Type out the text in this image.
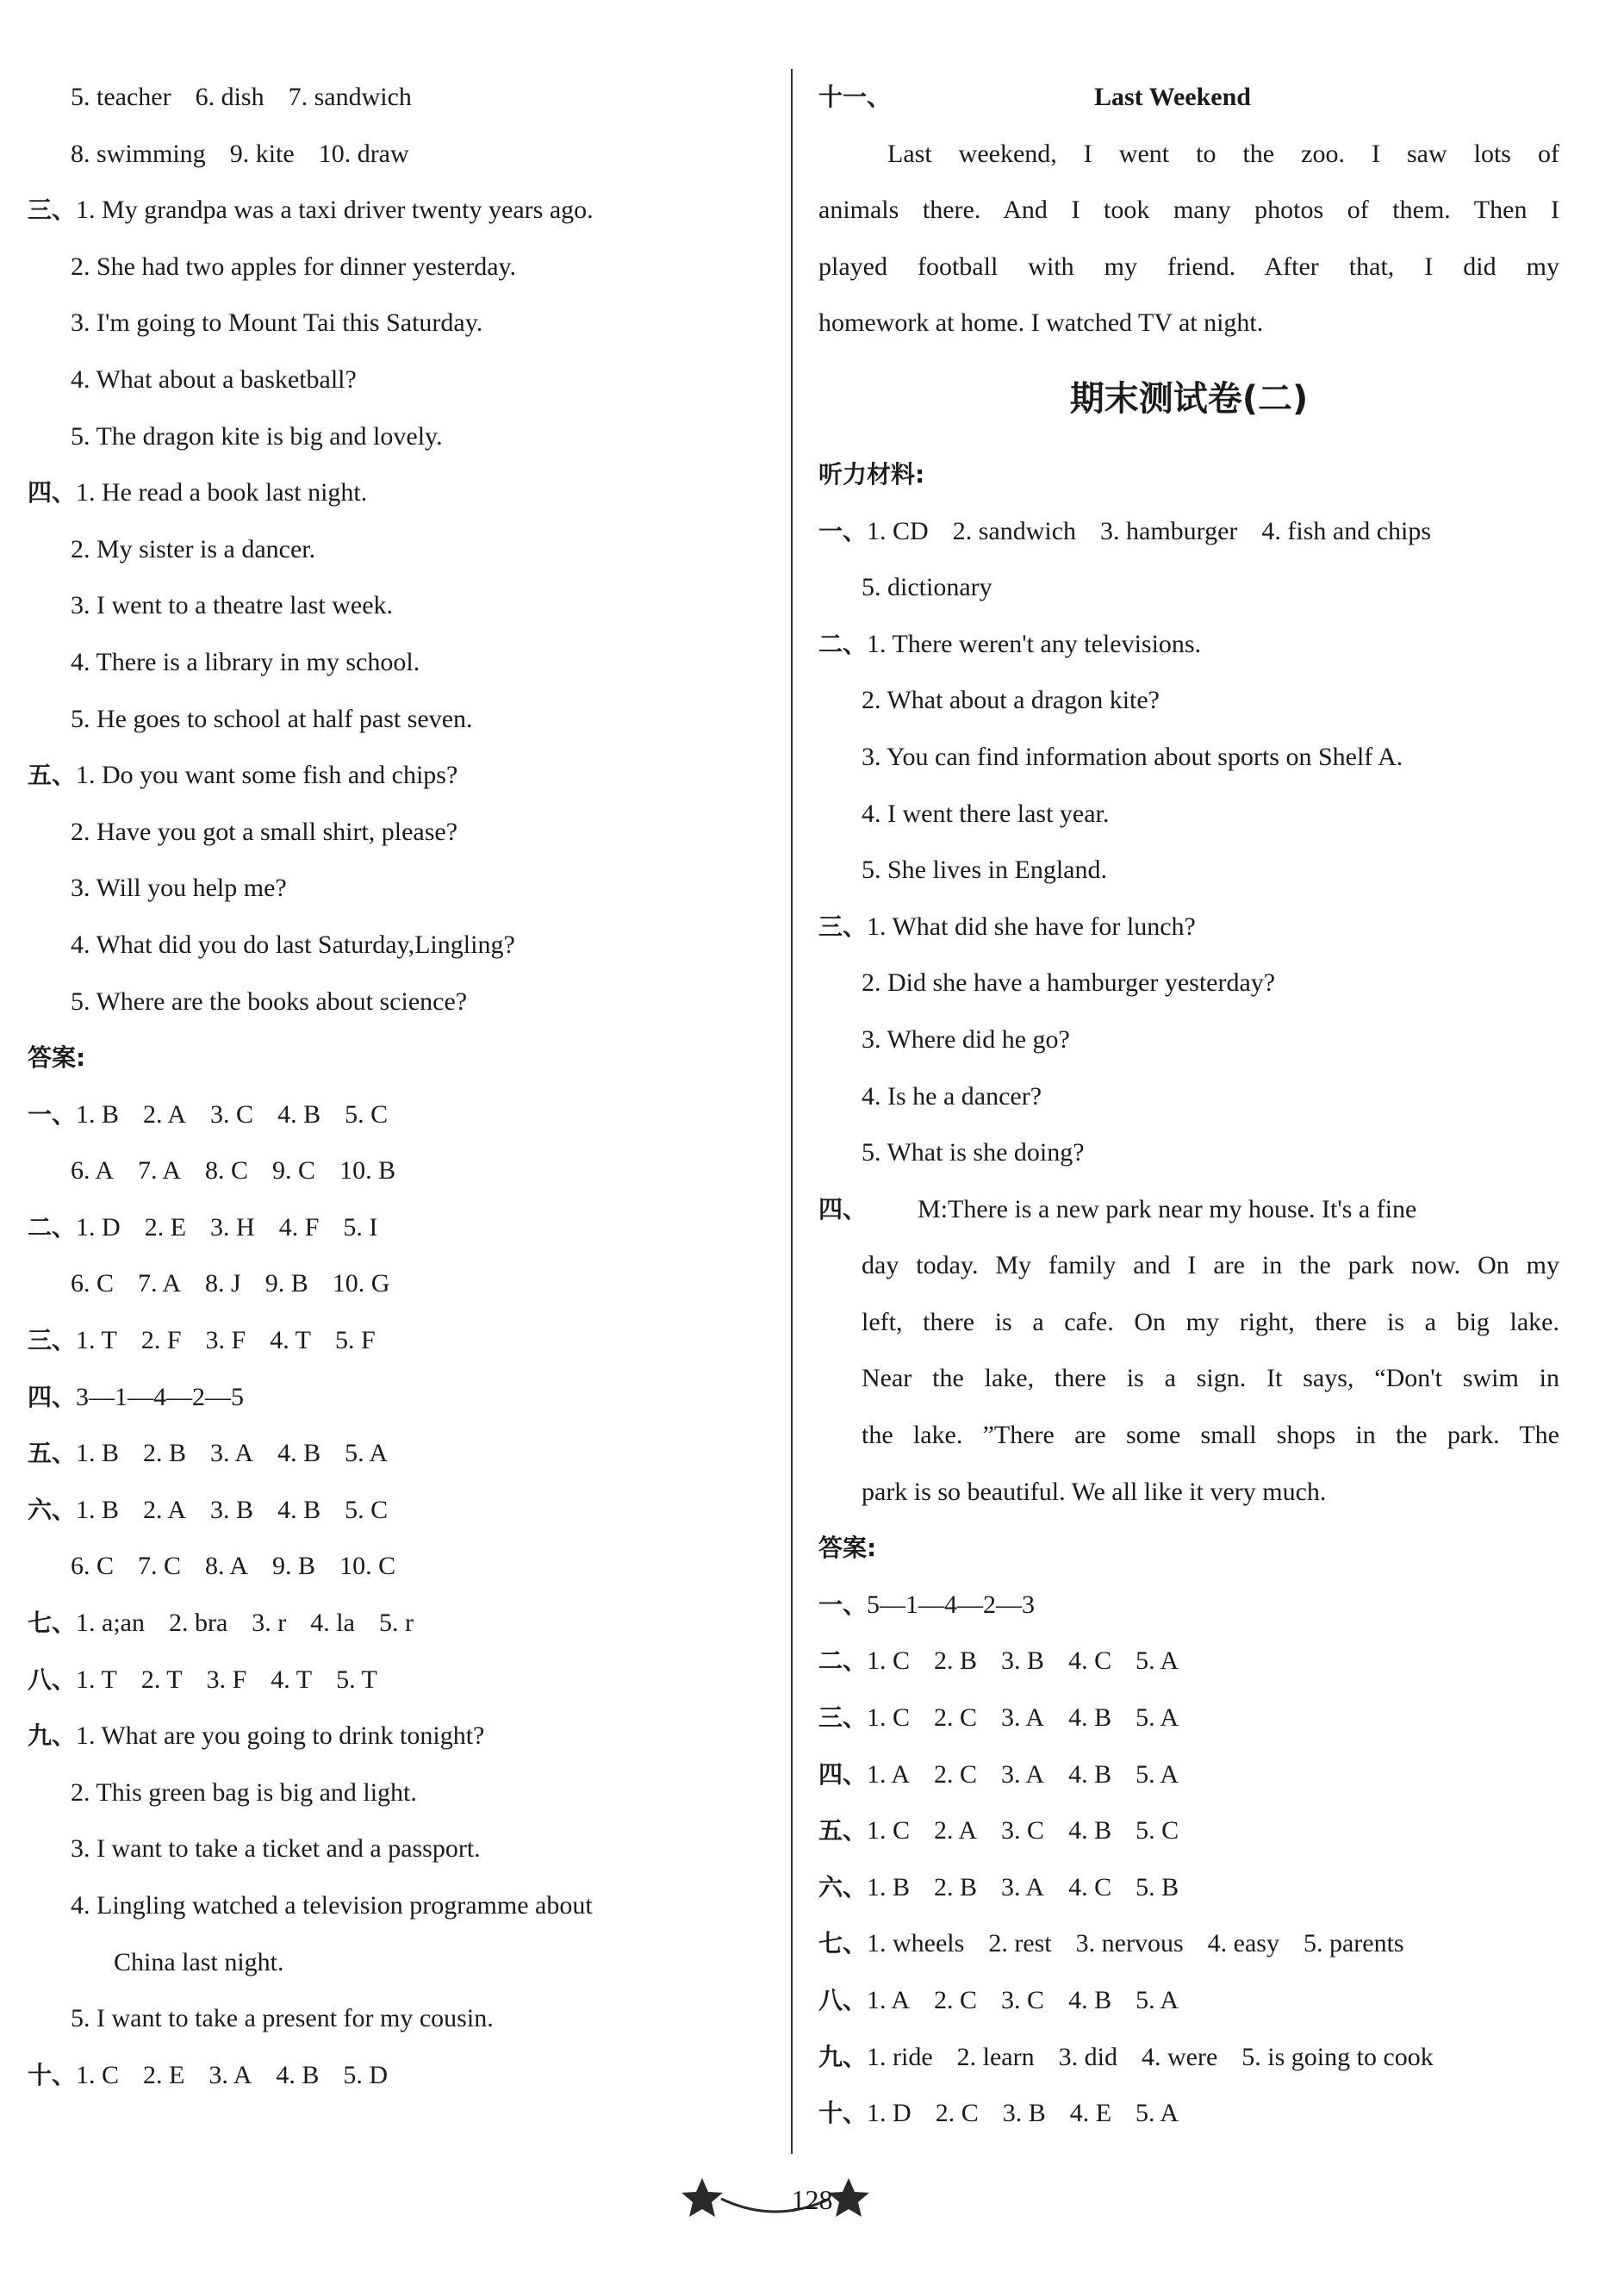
5. teacher 6. dish 7. sandwich
8. swimming 9. kite 10. draw
三、1. My grandpa was a taxi driver twenty years ago.
2. She had two apples for dinner yesterday.
3. I'm going to Mount Tai this Saturday.
4. What about a basketball?
5. The dragon kite is big and lovely.
四、1. He read a book last night.
2. My sister is a dancer.
3. I went to a theatre last week.
4. There is a library in my school.
5. He goes to school at half past seven.
五、1. Do you want some fish and chips?
2. Have you got a small shirt, please?
3. Will you help me?
4. What did you do last Saturday,Lingling?
5. Where are the books about science?
答案:
一、1. B 2. A 3. C 4. B 5. C
6. A 7. A 8. C 9. C 10. B
二、1. D 2. E 3. H 4. F 5. I
6. C 7. A 8. J 9. B 10. G
三、1. T 2. F 3. F 4. T 5. F
四、3—1—4—2—5
五、1. B 2. B 3. A 4. B 5. A
六、1. B 2. A 3. B 4. B 5. C
6. C 7. C 8. A 9. B 10. C
七、1. a;an 2. bra 3. r 4. la 5. r
八、1. T 2. T 3. F 4. T 5. T
九、1. What are you going to drink tonight?
2. This green bag is big and light.
3. I want to take a ticket and a passport.
4. Lingling watched a television programme about
China last night.
5. I want to take a present for my cousin.
十、1. C 2. E 3. A 4. B 5. D
十一、	Last Weekend
Last weekend, I went to the zoo. I saw lots of
animals there. And I took many photos of them. Then I
played football with my friend. After that, I did my
homework at home. I watched TV at night.
期末测试卷(二)
听力材料:
一、1. CD 2. sandwich 3. hamburger 4. fish and chips
5. dictionary
二、1. There weren't any televisions.
2. What about a dragon kite?
3. You can find information about sports on Shelf A.
4. I went there last year.
5. She lives in England.
三、1. What did she have for lunch?
2. Did she have a hamburger yesterday?
3. Where did he go?
4. Is he a dancer?
5. What is she doing?
四、 M:There is a new park near my house. It's a fine
day today. My family and I are in the park now. On my
left, there is a cafe. On my right, there is a big lake.
Near the lake, there is a sign. It says, “Don't swim in
the lake. ”There are some small shops in the park. The
park is so beautiful. We all like it very much.
答案:
一、5—1—4—2—3
二、1. C 2. B 3. B 4. C 5. A
三、1. C 2. C 3. A 4. B 5. A
四、1. A 2. C 3. A 4. B 5. A
五、1. C 2. A 3. C 4. B 5. C
六、1. B 2. B 3. A 4. C 5. B
七、1. wheels 2. rest 3. nervous 4. easy 5. parents
八、1. A 2. C 3. C 4. B 5. A
九、1. ride 2. learn 3. did 4. were 5. is going to cook
十、1. D 2. C 3. B 4. E 5. A
128
